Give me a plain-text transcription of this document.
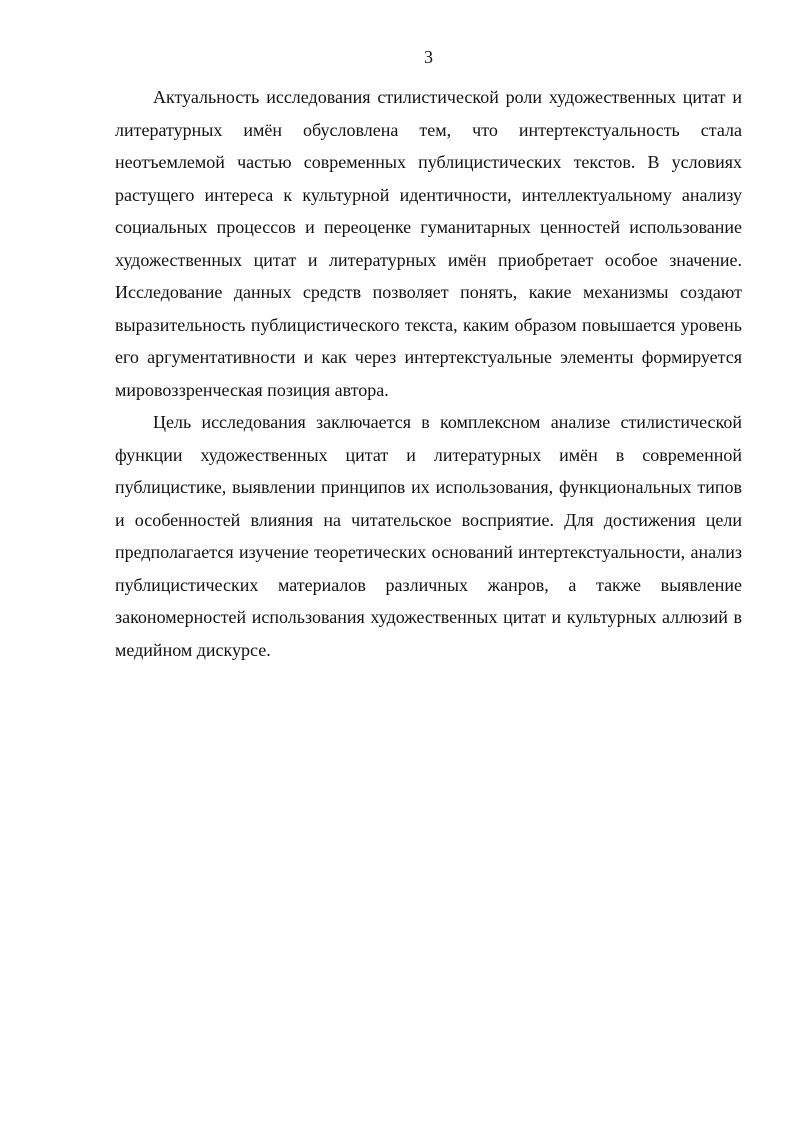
3

Актуальность исследования стилистической роли художественных цитат и литературных имён обусловлена тем, что интертекстуальность стала неотъемлемой частью современных публицистических текстов. В условиях растущего интереса к культурной идентичности, интеллектуальному анализу социальных процессов и переоценке гуманитарных ценностей использование художественных цитат и литературных имён приобретает особое значение. Исследование данных средств позволяет понять, какие механизмы создают выразительность публицистического текста, каким образом повышается уровень его аргументативности и как через интертекстуальные элементы формируется мировоззренческая позиция автора.

Цель исследования заключается в комплексном анализе стилистической функции художественных цитат и литературных имён в современной публицистике, выявлении принципов их использования, функциональных типов и особенностей влияния на читательское восприятие. Для достижения цели предполагается изучение теоретических оснований интертекстуальности, анализ публицистических материалов различных жанров, а также выявление закономерностей использования художественных цитат и культурных аллюзий в медийном дискурсе.
